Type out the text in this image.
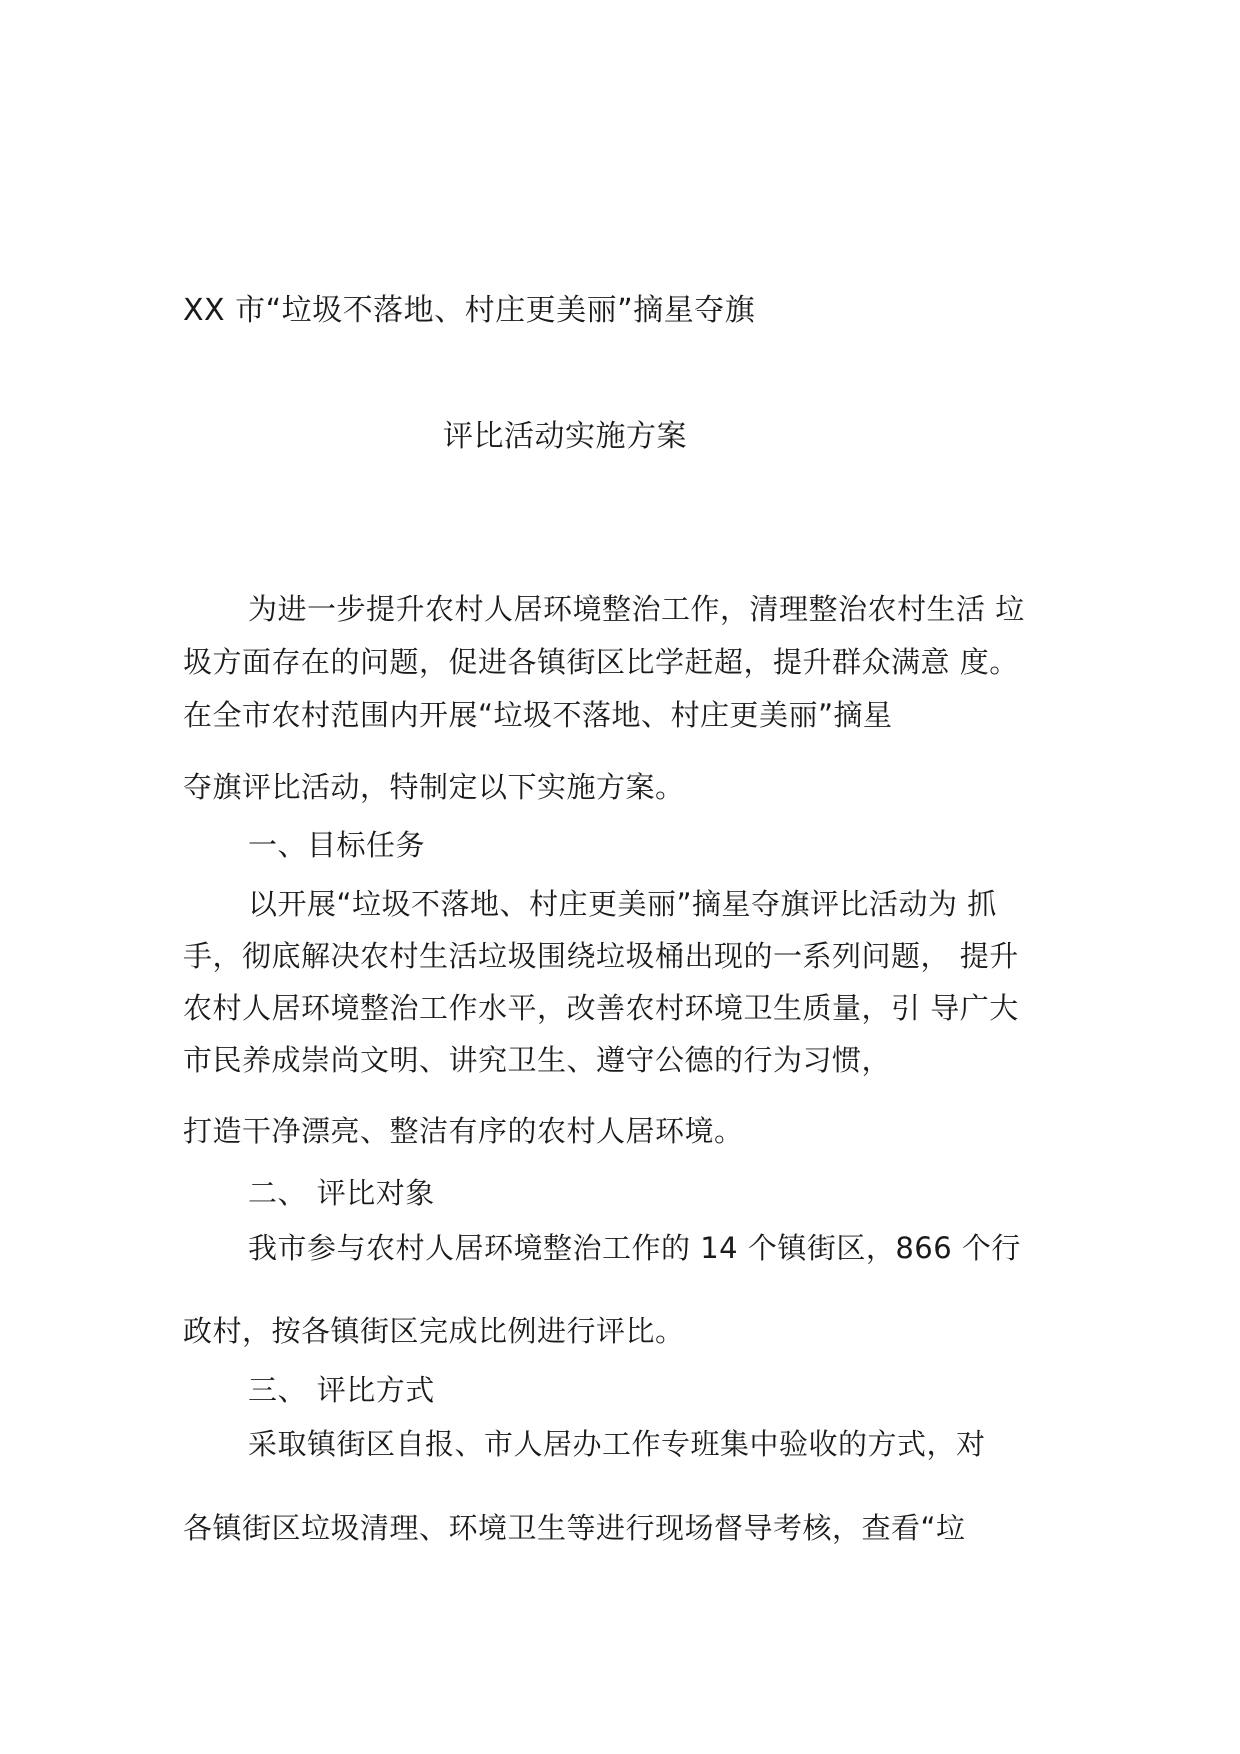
XX 市“垃圾不落地、村庄更美丽”摘星夺旗
评比活动实施方案
为进一步提升农村人居环境整治工作，清理整治农村生活 垃
圾方面存在的问题，促进各镇街区比学赶超，提升群众满意 度。
在全市农村范围内开展“垃圾不落地、村庄更美丽”摘星
夺旗评比活动，特制定以下实施方案。
一、目标任务
以开展“垃圾不落地、村庄更美丽”摘星夺旗评比活动为 抓
手，彻底解决农村生活垃圾围绕垃圾桶出现的一系列问题， 提升
农村人居环境整治工作水平，改善农村环境卫生质量，引 导广大
市民养成崇尚文明、讲究卫生、遵守公德的行为习惯，
打造干净漂亮、整洁有序的农村人居环境。
二、 评比对象
我市参与农村人居环境整治工作的 14 个镇街区，866 个行
政村，按各镇街区完成比例进行评比。
三、 评比方式
采取镇街区自报、市人居办工作专班集中验收的方式，对
各镇街区垃圾清理、环境卫生等进行现场督导考核，查看“垃
